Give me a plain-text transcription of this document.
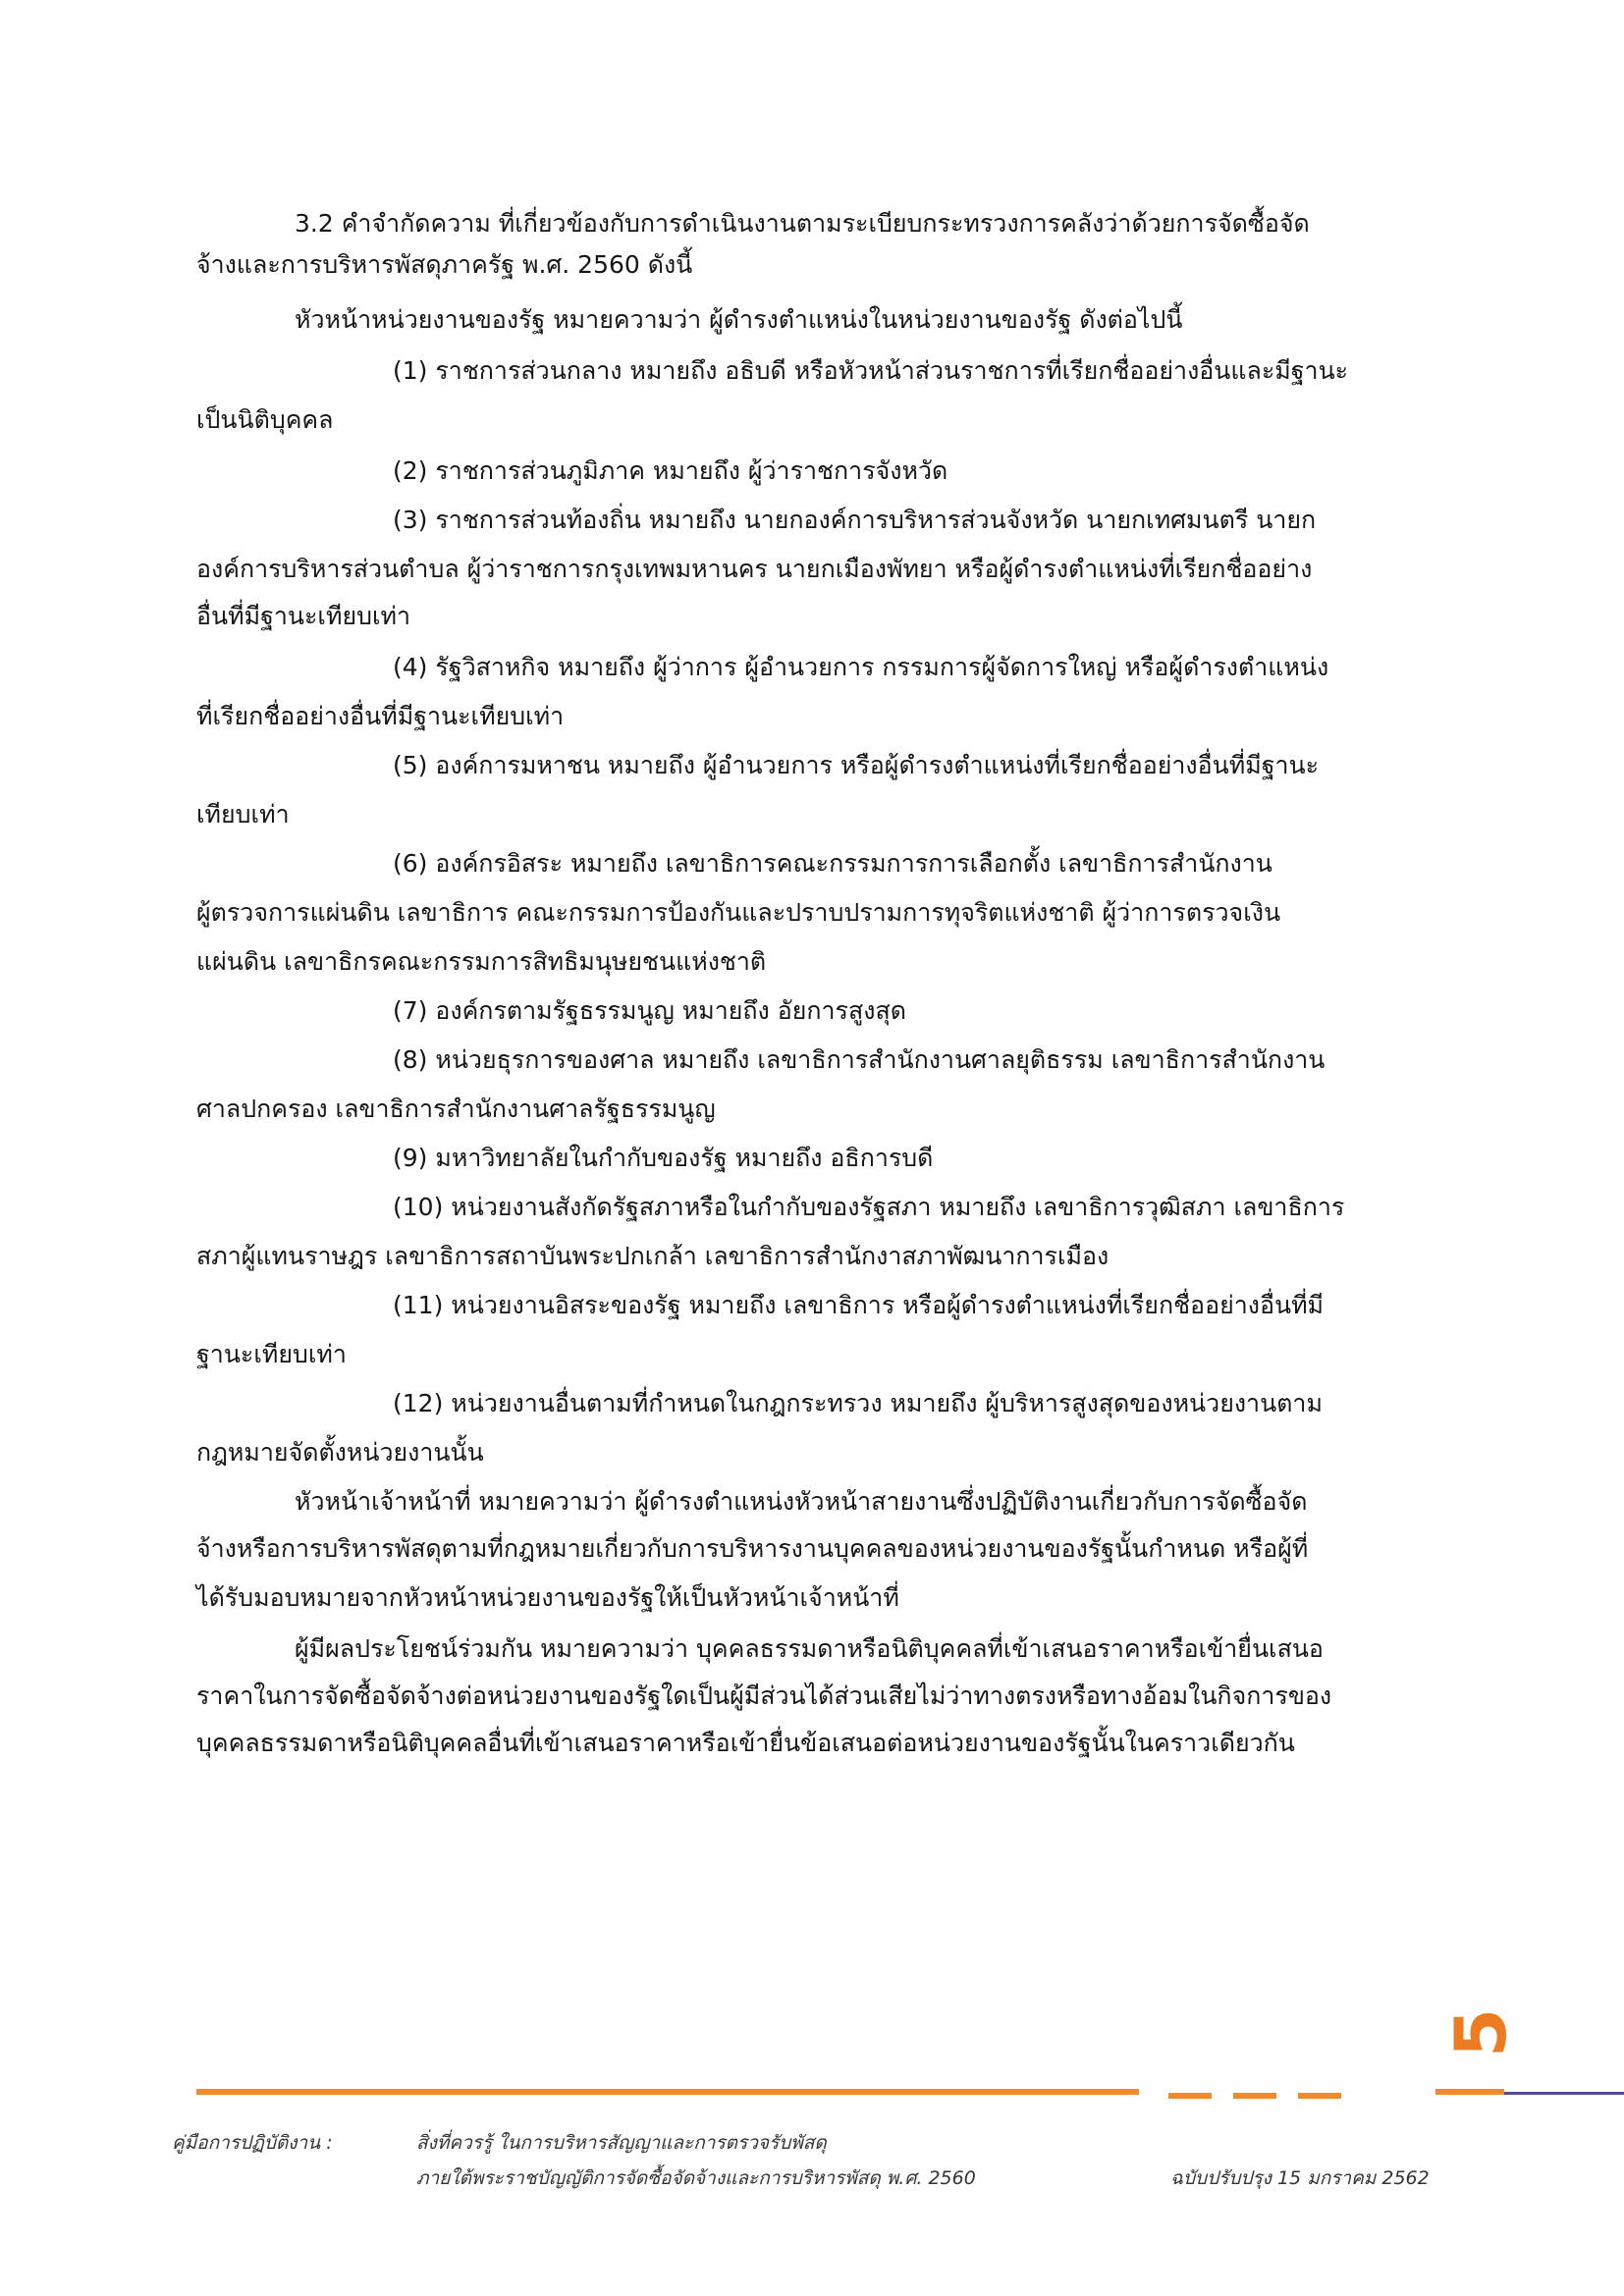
3.2 คำจำกัดความ ที่เกี่ยวข้องกับการดำเนินงานตามระเบียบกระทรวงการคลังว่าด้วยการจัดซื้อจัด

จ้างและการบริหารพัสดุภาครัฐ พ.ศ. 2560 ดังนี้

หัวหน้าหน่วยงานของรัฐ หมายความว่า ผู้ดำรงตำแหน่งในหน่วยงานของรัฐ ดังต่อไปนี้

(1) ราชการส่วนกลาง หมายถึง อธิบดี หรือหัวหน้าส่วนราชการที่เรียกชื่ออย่างอื่นและมีฐานะ

เป็นนิติบุคคล

(2) ราชการส่วนภูมิภาค หมายถึง ผู้ว่าราชการจังหวัด

(3) ราชการส่วนท้องถิ่น หมายถึง นายกองค์การบริหารส่วนจังหวัด นายกเทศมนตรี นายก

องค์การบริหารส่วนตำบล ผู้ว่าราชการกรุงเทพมหานคร นายกเมืองพัทยา หรือผู้ดำรงตำแหน่งที่เรียกชื่ออย่าง

อื่นที่มีฐานะเทียบเท่า

(4) รัฐวิสาหกิจ หมายถึง ผู้ว่าการ ผู้อำนวยการ กรรมการผู้จัดการใหญ่ หรือผู้ดำรงตำแหน่ง

ที่เรียกชื่ออย่างอื่นที่มีฐานะเทียบเท่า

(5) องค์การมหาชน หมายถึง ผู้อำนวยการ หรือผู้ดำรงตำแหน่งที่เรียกชื่ออย่างอื่นที่มีฐานะ

เทียบเท่า

(6) องค์กรอิสระ หมายถึง เลขาธิการคณะกรรมการการเลือกตั้ง เลขาธิการสำนักงาน

ผู้ตรวจการแผ่นดิน เลขาธิการ คณะกรรมการป้องกันและปราบปรามการทุจริตแห่งชาติ ผู้ว่าการตรวจเงิน

แผ่นดิน เลขาธิกรคณะกรรมการสิทธิมนุษยชนแห่งชาติ

(7) องค์กรตามรัฐธรรมนูญ หมายถึง อัยการสูงสุด

(8) หน่วยธุรการของศาล หมายถึง เลขาธิการสำนักงานศาลยุติธรรม เลขาธิการสำนักงาน

ศาลปกครอง เลขาธิการสำนักงานศาลรัฐธรรมนูญ

(9) มหาวิทยาลัยในกำกับของรัฐ หมายถึง อธิการบดี

(10) หน่วยงานสังกัดรัฐสภาหรือในกำกับของรัฐสภา หมายถึง เลขาธิการวุฒิสภา เลขาธิการ

สภาผู้แทนราษฎร เลขาธิการสถาบันพระปกเกล้า เลขาธิการสำนักงาสภาพัฒนาการเมือง

(11) หน่วยงานอิสระของรัฐ หมายถึง เลขาธิการ หรือผู้ดำรงตำแหน่งที่เรียกชื่ออย่างอื่นที่มี

ฐานะเทียบเท่า

(12) หน่วยงานอื่นตามที่กำหนดในกฎกระทรวง หมายถึง ผู้บริหารสูงสุดของหน่วยงานตาม

กฎหมายจัดตั้งหน่วยงานนั้น

หัวหน้าเจ้าหน้าที่ หมายความว่า ผู้ดำรงตำแหน่งหัวหน้าสายงานซึ่งปฏิบัติงานเกี่ยวกับการจัดซื้อจัด

จ้างหรือการบริหารพัสดุตามที่กฎหมายเกี่ยวกับการบริหารงานบุคคลของหน่วยงานของรัฐนั้นกำหนด หรือผู้ที่

ได้รับมอบหมายจากหัวหน้าหน่วยงานของรัฐให้เป็นหัวหน้าเจ้าหน้าที่

ผู้มีผลประโยชน์ร่วมกัน หมายความว่า บุคคลธรรมดาหรือนิติบุคคลที่เข้าเสนอราคาหรือเข้ายื่นเสนอ

ราคาในการจัดซื้อจัดจ้างต่อหน่วยงานของรัฐใดเป็นผู้มีส่วนได้ส่วนเสียไม่ว่าทางตรงหรือทางอ้อมในกิจการของ

บุคคลธรรมดาหรือนิติบุคคลอื่นที่เข้าเสนอราคาหรือเข้ายื่นข้อเสนอต่อหน่วยงานของรัฐนั้นในคราวเดียวกัน

5

คู่มือการปฏิบัติงาน :	สิ่งที่ควรรู้ ในการบริหารสัญญาและการตรวจรับพัสดุ

ภายใต้พระราชบัญญัติการจัดซื้อจัดจ้างและการบริหารพัสดุ พ.ศ. 2560	ฉบับปรับปรุง 15 มกราคม 2562
